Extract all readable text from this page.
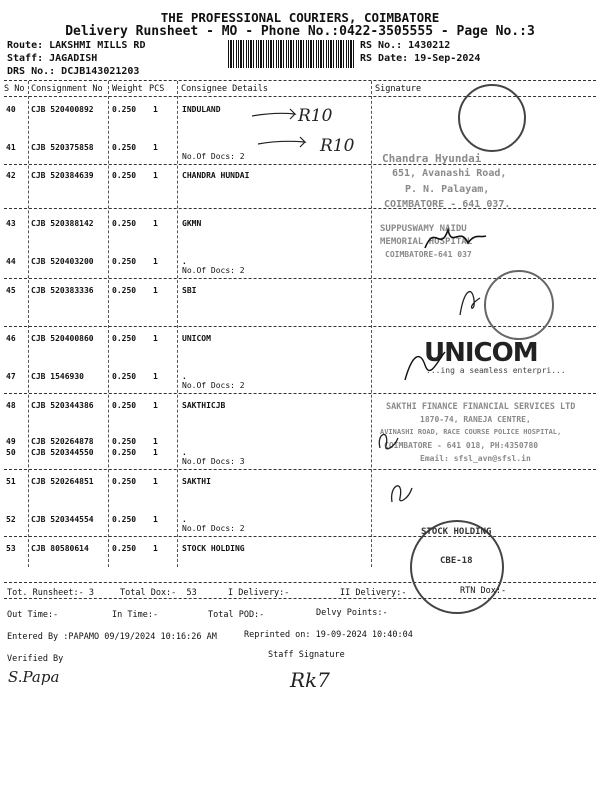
THE PROFESSIONAL COURIERS, COIMBATORE
Delivery Runsheet - MO - Phone No.:0422-3505555 - Page No.:3
Route: LAKSHMI MILLS RD
Staff: JAGADISH
DRS No.: DCJB143021203
RS No.: 1430212
RS Date: 19-Sep-2024
S No Consignment No Weight PCS Consignee Details	Signature
40 CJB 520400892 0.250 1	INDULAND
41 CJB 520375858 0.250 1
No.Of Docs: 2
42 CJB 520384639 0.250 1	CHANDRA HUNDAI
43 CJB 520388142 0.250 1	GKMN
44 CJB 520403200 0.250 1	.
No.Of Docs: 2
45 CJB 520383336 0.250 1	SBI
46 CJB 520400860 0.250 1	UNICOM
47 CJB 1546930	0.250 1	.
No.Of Docs: 2
48 CJB 520344386 0.250 1	SAKTHICJB
49 CJB 520264878 0.250 1
50 CJB 520344550 0.250 1	.
No.Of Docs: 3
51 CJB 520264851 0.250 1	SAKTHI
52 CJB 520344554 0.250 1	.
No.Of Docs: 2
53 CJB 80580614	0.250 1	STOCK HOLDING
R10
R10
Chandra Hyundai
651, Avanashi Road,
P. N. Palayam,
COIMBATORE - 641 037.
SUPPUSWAMY NAIDU
MEMORIAL HOSPITAL
COIMBATORE-641 037
UNICOM
...ing a seamless enterpri...
SAKTHI FINANCE FINANCIAL SERVICES LTD
1870-74, RANEJA CENTRE,
AVINASHI ROAD, RACE COURSE POLICE HOSPITAL,
COIMBATORE - 641 018, PH:4350780
Email: sfsl_avn@sfsl.in
STOCK HOLDING
CBE-18
Tot. Runsheet:- 3	Total Dox:-  53	I Delivery:-	II Delivery:-	RTN Dox:-
Out Time:-	In Time:-	Total POD:-	Delvy Points:-
Entered By :PAPAMO 09/19/2024 10:16:26 AM	Reprinted on: 19-09-2024 10:40:04
Verified By	Staff Signature
S.Papa	Rk7
